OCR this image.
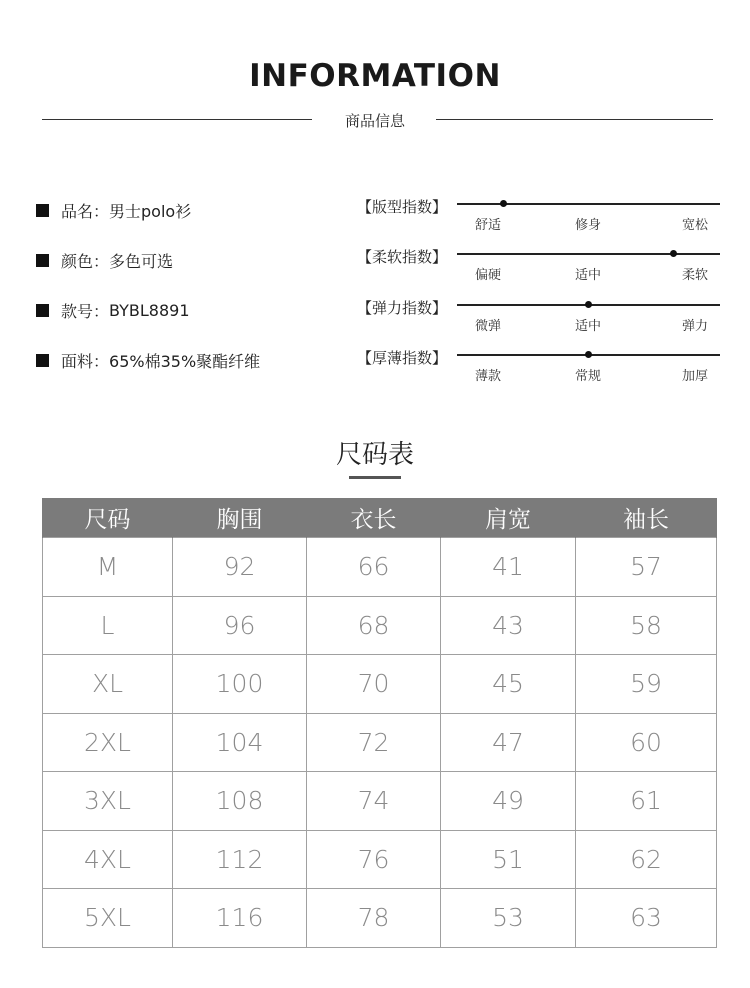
INFORMATION
商品信息
品名： 男士polo衫
颜色： 多色可选
款号： BYBL8891
面料： 65%棉35%聚酯纤维
【版型指数】
舒适	修身	宽松
【柔软指数】
偏硬	适中	柔软
【弹力指数】
微弹	适中	弹力
【厚薄指数】
薄款	常规	加厚
尺码表
尺码	胸围	衣长	肩宽	袖长
M	92	66	41	57
L	96	68	43	58
XL	100	70	45	59
2XL	104	72	47	60
3XL	108	74	49	61
4XL	112	76	51	62
5XL	116	78	53	63
